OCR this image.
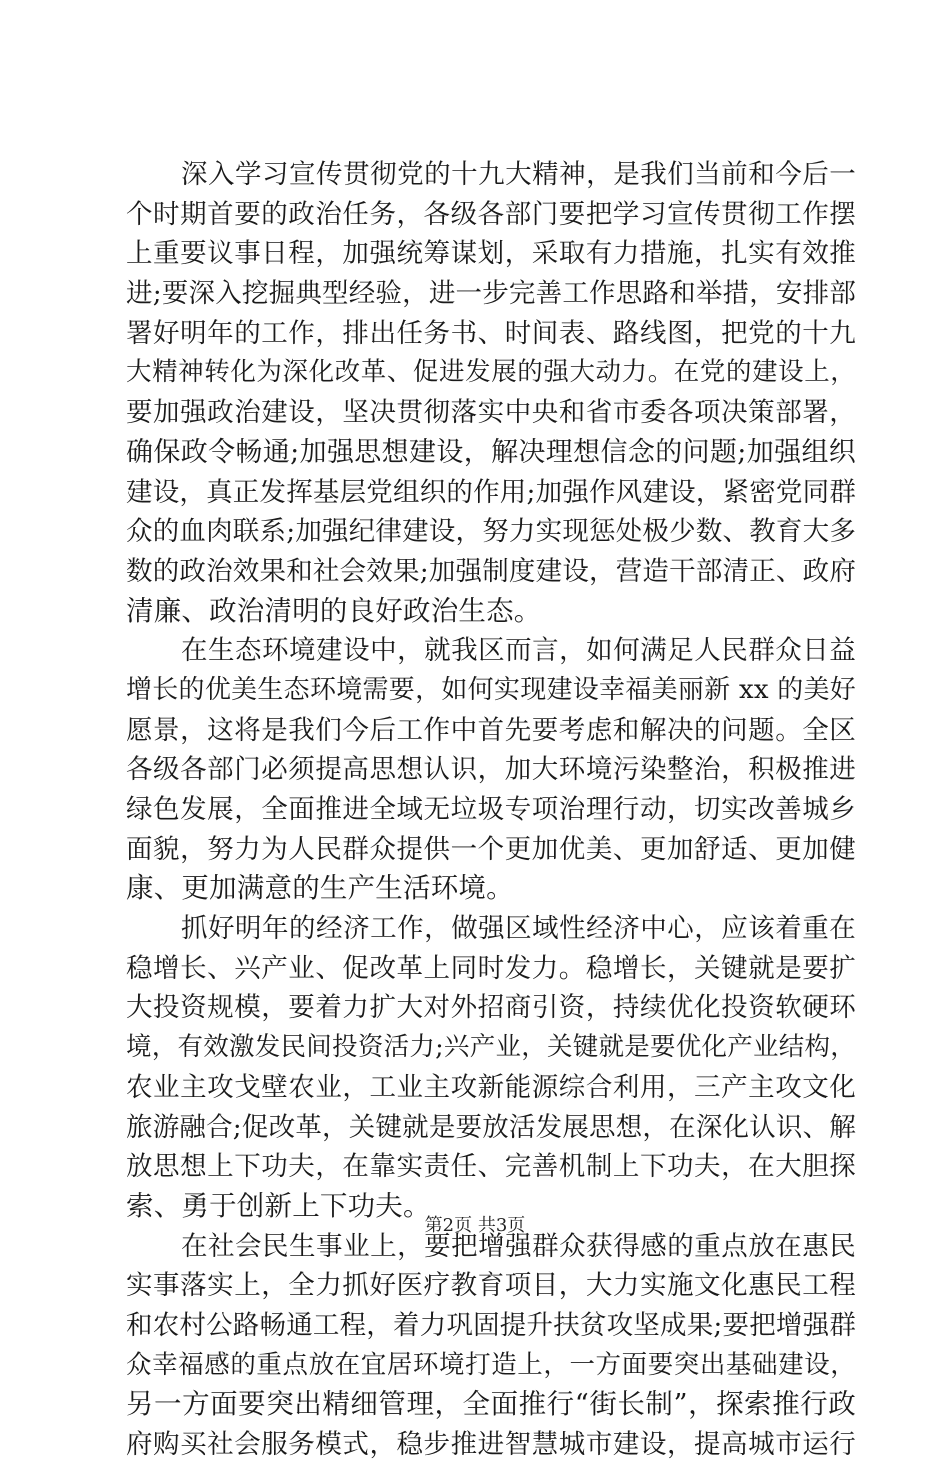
深入学习宣传贯彻党的十九大精神，是我们当前和今后一
个时期首要的政治任务，各级各部门要把学习宣传贯彻工作摆
上重要议事日程，加强统筹谋划，采取有力措施，扎实有效推
进;要深入挖掘典型经验，进一步完善工作思路和举措，安排部
署好明年的工作，排出任务书、时间表、路线图，把党的十九
大精神转化为深化改革、促进发展的强大动力。在党的建设上，
要加强政治建设，坚决贯彻落实中央和省市委各项决策部署，
确保政令畅通;加强思想建设，解决理想信念的问题;加强组织
建设，真正发挥基层党组织的作用;加强作风建设，紧密党同群
众的血肉联系;加强纪律建设，努力实现惩处极少数、教育大多
数的政治效果和社会效果;加强制度建设，营造干部清正、政府
清廉、政治清明的良好政治生态。
在生态环境建设中，就我区而言，如何满足人民群众日益
增长的优美生态环境需要，如何实现建设幸福美丽新 xx 的美好
愿景，这将是我们今后工作中首先要考虑和解决的问题。全区
各级各部门必须提高思想认识，加大环境污染整治，积极推进
绿色发展，全面推进全域无垃圾专项治理行动，切实改善城乡
面貌，努力为人民群众提供一个更加优美、更加舒适、更加健
康、更加满意的生产生活环境。
抓好明年的经济工作，做强区域性经济中心，应该着重在
稳增长、兴产业、促改革上同时发力。稳增长，关键就是要扩
大投资规模，要着力扩大对外招商引资，持续优化投资软硬环
境，有效激发民间投资活力;兴产业，关键就是要优化产业结构，
农业主攻戈壁农业，工业主攻新能源综合利用，三产主攻文化
旅游融合;促改革，关键就是要放活发展思想，在深化认识、解
放思想上下功夫，在靠实责任、完善机制上下功夫，在大胆探
索、勇于创新上下功夫。
在社会民生事业上，要把增强群众获得感的重点放在惠民
实事落实上，全力抓好医疗教育项目，大力实施文化惠民工程
和农村公路畅通工程，着力巩固提升扶贫攻坚成果;要把增强群
众幸福感的重点放在宜居环境打造上，一方面要突出基础建设，
另一方面要突出精细管理，全面推行“街长制”，探索推行政
府购买社会服务模式，稳步推进智慧城市建设，提高城市运行
第2页 共3页
